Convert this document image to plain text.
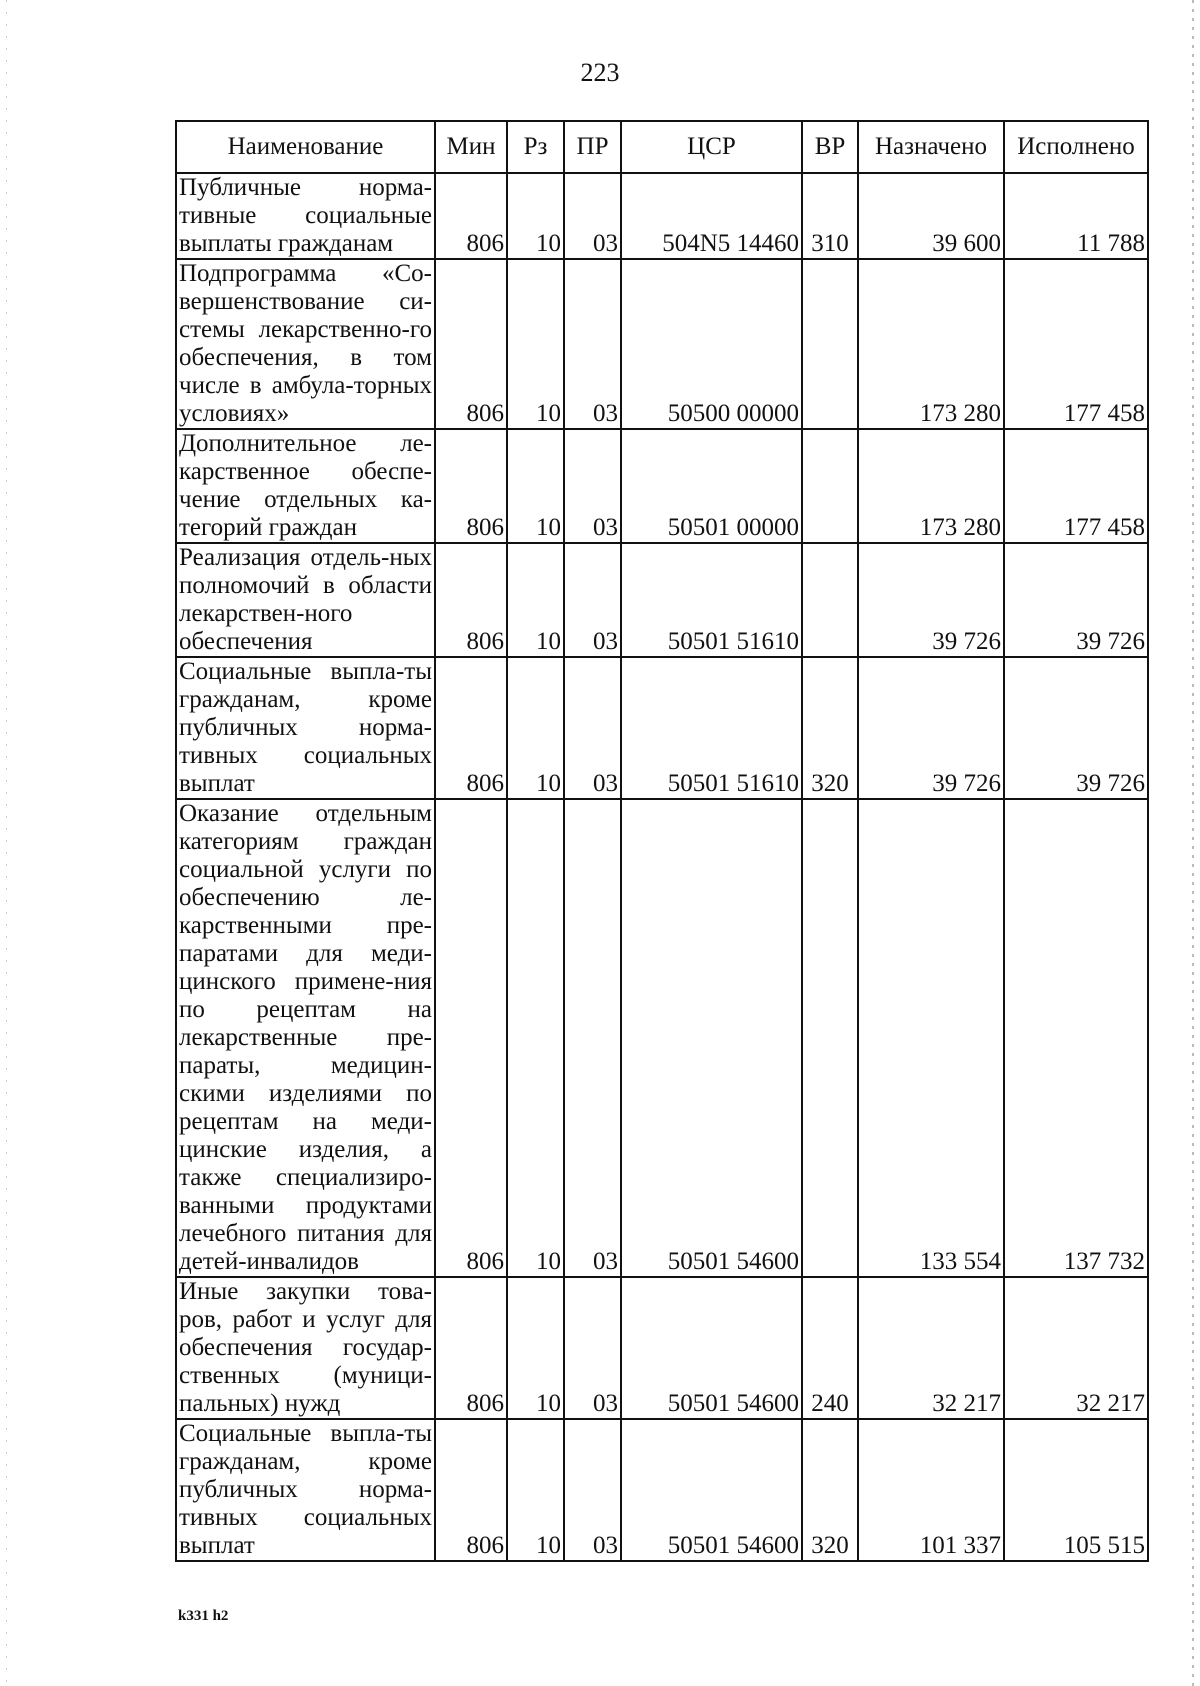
223
Наименование	Мин	Рз	ПР	ЦСР	ВР	Назначено	Исполнено
Публичные норма-тивные социальные выплаты гражданам	806	10	03	504N5 14460	310	39 600	11 788
Подпрограмма «Со-вершенствование си-стемы лекарственно-го обеспечения, в том числе в амбула-торных условиях»	806	10	03	50500 00000		173 280	177 458
Дополнительное ле-карственное обеспе-чение отдельных ка-тегорий граждан	806	10	03	50501 00000		173 280	177 458
Реализация отдель-ных полномочий в области лекарствен-ного обеспечения	806	10	03	50501 51610		39 726	39 726
Социальные выпла-ты гражданам, кроме публичных норма-тивных социальных выплат	806	10	03	50501 51610	320	39 726	39 726
Оказание отдельным категориям граждан социальной услуги по обеспечению ле-карственными пре-паратами для меди-цинского примене-ния по рецептам на лекарственные пре-параты, медицин-скими изделиями по рецептам на меди-цинские изделия, а также специализиро-ванными продуктами лечебного питания для детей-инвалидов	806	10	03	50501 54600		133 554	137 732
Иные закупки това-ров, работ и услуг для обеспечения государ-ственных (муници-пальных) нужд	806	10	03	50501 54600	240	32 217	32 217
Социальные выпла-ты гражданам, кроме публичных норма-тивных социальных выплат	806	10	03	50501 54600	320	101 337	105 515
k331 h2
